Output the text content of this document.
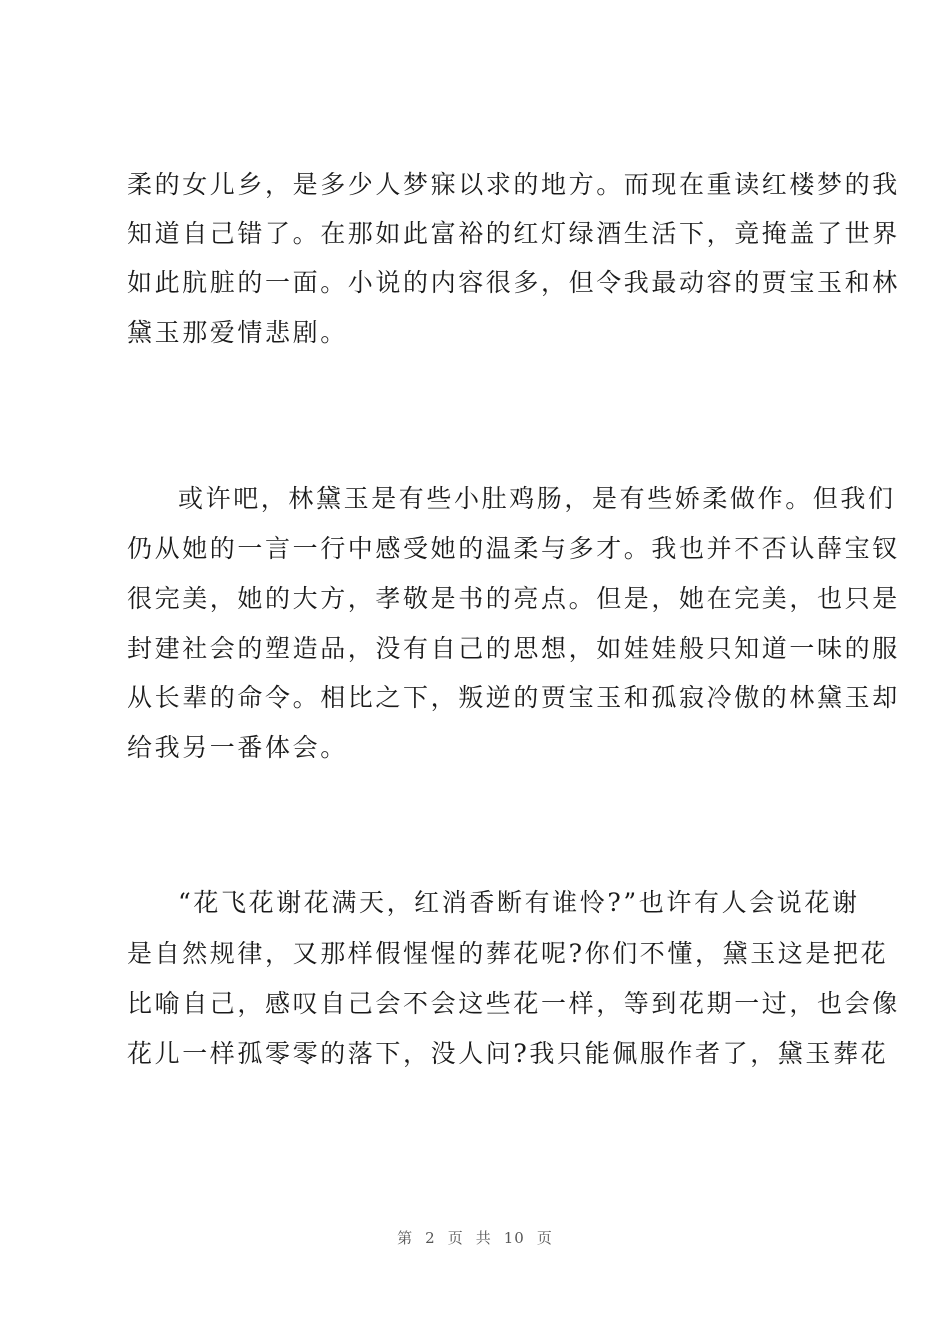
柔的女儿乡，是多少人梦寐以求的地方。而现在重读红楼梦的我
知道自己错了。在那如此富裕的红灯绿酒生活下，竟掩盖了世界
如此肮脏的一面。小说的内容很多，但令我最动容的贾宝玉和林
黛玉那爱情悲剧。
或许吧，林黛玉是有些小肚鸡肠，是有些娇柔做作。但我们
仍从她的一言一行中感受她的温柔与多才。我也并不否认薛宝钗
很完美，她的大方，孝敬是书的亮点。但是，她在完美，也只是
封建社会的塑造品，没有自己的思想，如娃娃般只知道一味的服
从长辈的命令。相比之下，叛逆的贾宝玉和孤寂冷傲的林黛玉却
给我另一番体会。
“花飞花谢花满天，红消香断有谁怜?”也许有人会说花谢
是自然规律，又那样假惺惺的葬花呢?你们不懂，黛玉这是把花
比喻自己，感叹自己会不会这些花一样，等到花期一过，也会像
花儿一样孤零零的落下，没人问?我只能佩服作者了，黛玉葬花
第 2 页 共 10 页
